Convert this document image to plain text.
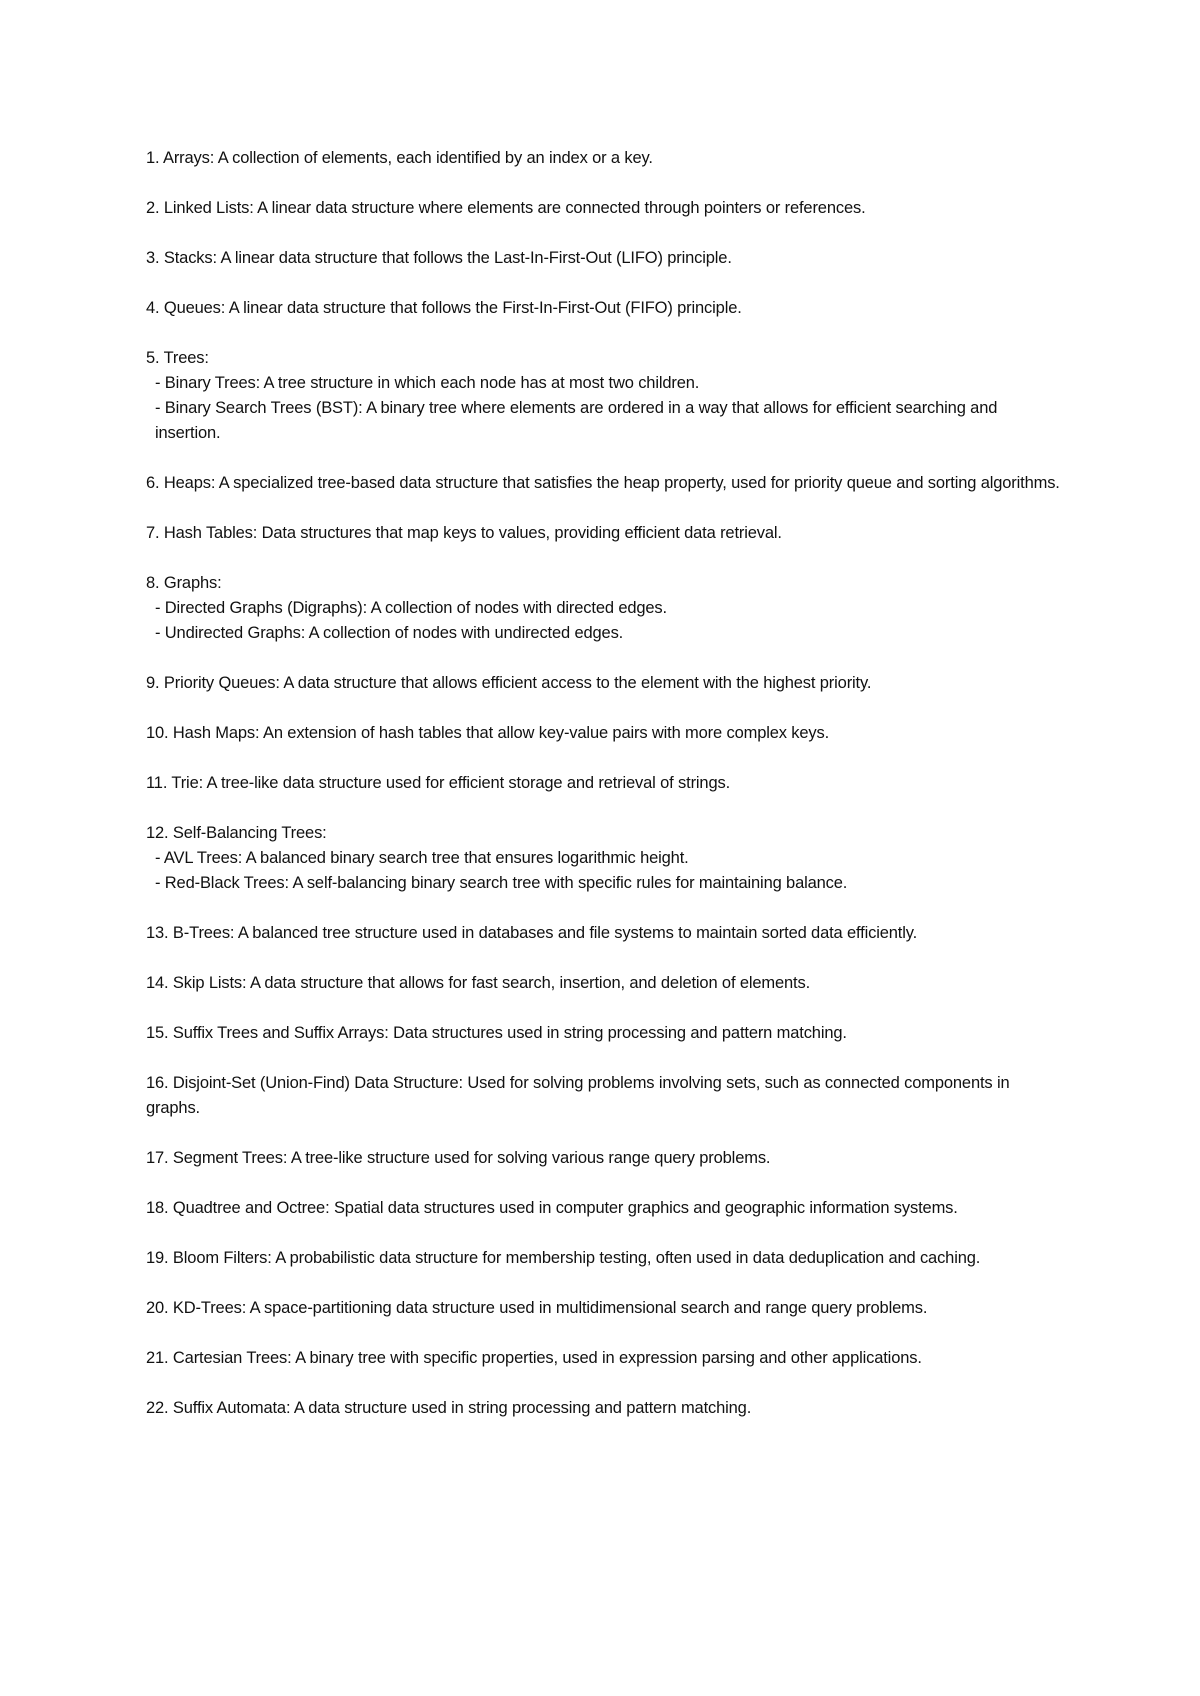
1. Arrays: A collection of elements, each identified by an index or a key.

2. Linked Lists: A linear data structure where elements are connected through pointers or references.

3. Stacks: A linear data structure that follows the Last-In-First-Out (LIFO) principle.

4. Queues: A linear data structure that follows the First-In-First-Out (FIFO) principle.

5. Trees:

- Binary Trees: A tree structure in which each node has at most two children.

- Binary Search Trees (BST): A binary tree where elements are ordered in a way that allows for efficient searching and insertion.

6. Heaps: A specialized tree-based data structure that satisfies the heap property, used for priority queue and sorting algorithms.

7. Hash Tables: Data structures that map keys to values, providing efficient data retrieval.

8. Graphs:

- Directed Graphs (Digraphs): A collection of nodes with directed edges.

- Undirected Graphs: A collection of nodes with undirected edges.

9. Priority Queues: A data structure that allows efficient access to the element with the highest priority.

10. Hash Maps: An extension of hash tables that allow key-value pairs with more complex keys.

11. Trie: A tree-like data structure used for efficient storage and retrieval of strings.

12. Self-Balancing Trees:

- AVL Trees: A balanced binary search tree that ensures logarithmic height.

- Red-Black Trees: A self-balancing binary search tree with specific rules for maintaining balance.

13. B-Trees: A balanced tree structure used in databases and file systems to maintain sorted data efficiently.

14. Skip Lists: A data structure that allows for fast search, insertion, and deletion of elements.

15. Suffix Trees and Suffix Arrays: Data structures used in string processing and pattern matching.

16. Disjoint-Set (Union-Find) Data Structure: Used for solving problems involving sets, such as connected components in graphs.

17. Segment Trees: A tree-like structure used for solving various range query problems.

18. Quadtree and Octree: Spatial data structures used in computer graphics and geographic information systems.

19. Bloom Filters: A probabilistic data structure for membership testing, often used in data deduplication and caching.

20. KD-Trees: A space-partitioning data structure used in multidimensional search and range query problems.

21. Cartesian Trees: A binary tree with specific properties, used in expression parsing and other applications.

22. Suffix Automata: A data structure used in string processing and pattern matching.
